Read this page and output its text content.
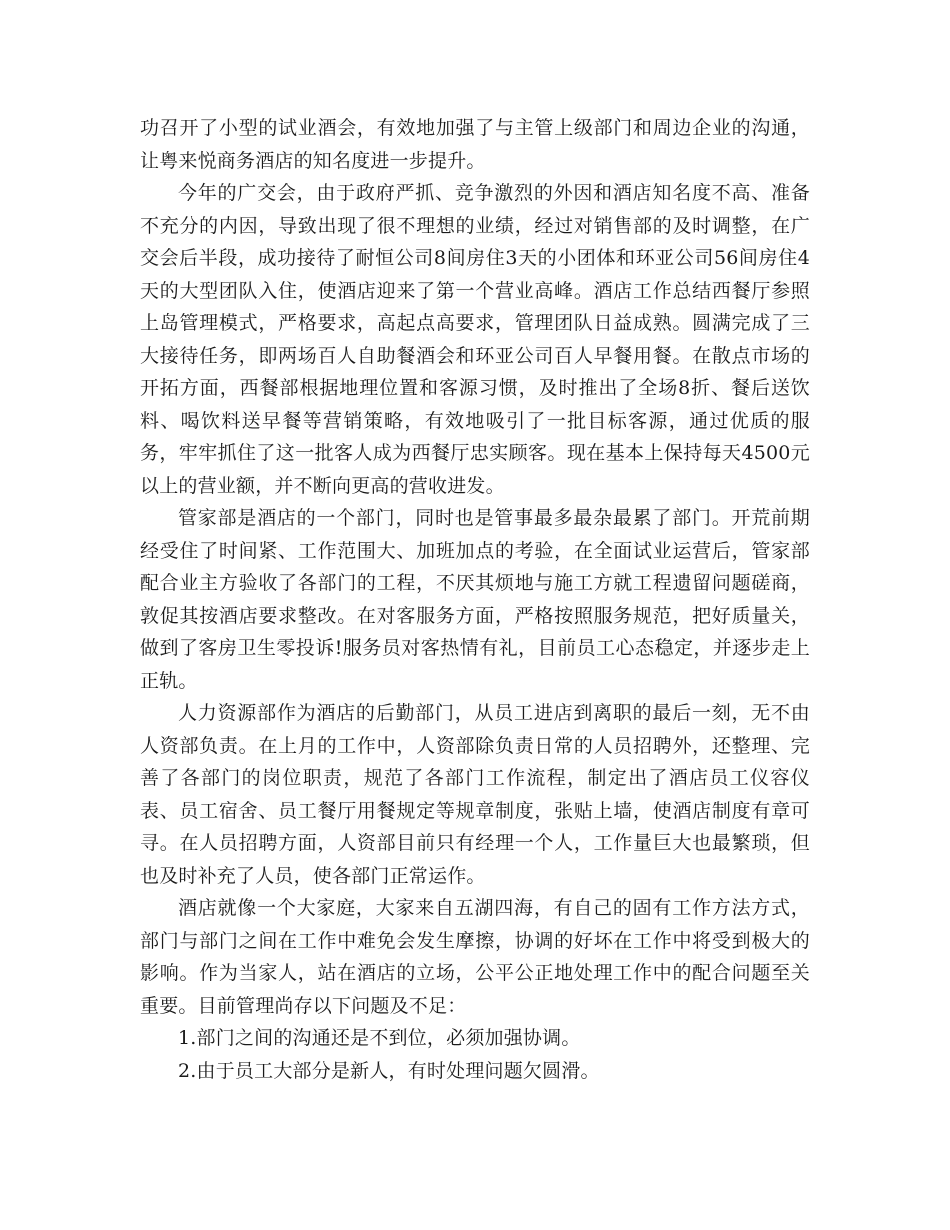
功召开了小型的试业酒会，有效地加强了与主管上级部门和周边企业的沟通，让粤来悦商务酒店的知名度进一步提升。

今年的广交会，由于政府严抓、竞争激烈的外因和酒店知名度不高、准备不充分的内因，导致出现了很不理想的业绩，经过对销售部的及时调整，在广交会后半段，成功接待了耐恒公司8间房住3天的小团体和环亚公司56间房住4天的大型团队入住，使酒店迎来了第一个营业高峰。酒店工作总结西餐厅参照上岛管理模式，严格要求，高起点高要求，管理团队日益成熟。圆满完成了三大接待任务，即两场百人自助餐酒会和环亚公司百人早餐用餐。在散点市场的开拓方面，西餐部根据地理位置和客源习惯，及时推出了全场8折、餐后送饮料、喝饮料送早餐等营销策略，有效地吸引了一批目标客源，通过优质的服务，牢牢抓住了这一批客人成为西餐厅忠实顾客。现在基本上保持每天4500元以上的营业额，并不断向更高的营收进发。

管家部是酒店的一个部门，同时也是管事最多最杂最累了部门。开荒前期经受住了时间紧、工作范围大、加班加点的考验，在全面试业运营后，管家部配合业主方验收了各部门的工程，不厌其烦地与施工方就工程遗留问题磋商，敦促其按酒店要求整改。在对客服务方面，严格按照服务规范，把好质量关，做到了客房卫生零投诉!服务员对客热情有礼，目前员工心态稳定，并逐步走上正轨。

人力资源部作为酒店的后勤部门，从员工进店到离职的最后一刻，无不由人资部负责。在上月的工作中，人资部除负责日常的人员招聘外，还整理、完善了各部门的岗位职责，规范了各部门工作流程，制定出了酒店员工仪容仪表、员工宿舍、员工餐厅用餐规定等规章制度，张贴上墙，使酒店制度有章可寻。在人员招聘方面，人资部目前只有经理一个人，工作量巨大也最繁琐，但也及时补充了人员，使各部门正常运作。

酒店就像一个大家庭，大家来自五湖四海，有自己的固有工作方法方式，部门与部门之间在工作中难免会发生摩擦，协调的好坏在工作中将受到极大的影响。作为当家人，站在酒店的立场，公平公正地处理工作中的配合问题至关重要。目前管理尚存以下问题及不足：

1.部门之间的沟通还是不到位，必须加强协调。

2.由于员工大部分是新人，有时处理问题欠圆滑。
